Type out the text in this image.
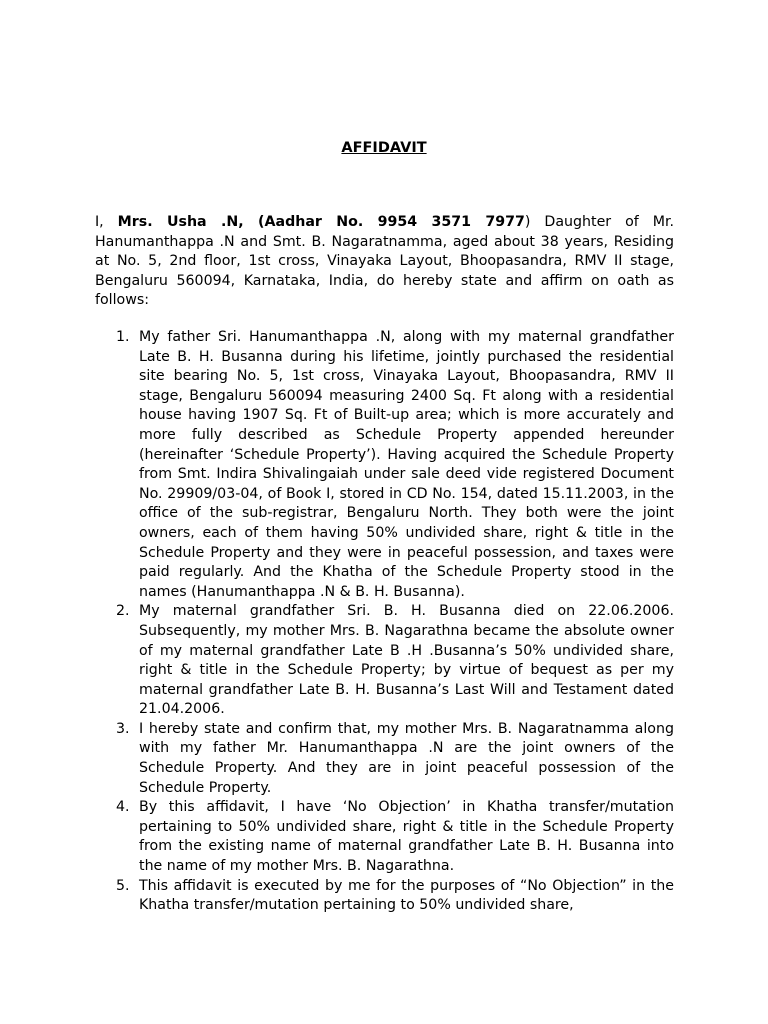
AFFIDAVIT

I, Mrs. Usha .N, (Aadhar No. 9954 3571 7977) Daughter of Mr. Hanumanthappa .N and Smt. B. Nagaratnamma, aged about 38 years, Residing at No. 5, 2nd floor, 1st cross, Vinayaka Layout, Bhoopasandra, RMV II stage, Bengaluru 560094, Karnataka, India, do hereby state and affirm on oath as follows:

1. My father Sri. Hanumanthappa .N, along with my maternal grandfather Late B. H. Busanna during his lifetime, jointly purchased the residential site bearing No. 5, 1st cross, Vinayaka Layout, Bhoopasandra, RMV II stage, Bengaluru 560094 measuring 2400 Sq. Ft along with a residential house having 1907 Sq. Ft of Built-up area; which is more accurately and more fully described as Schedule Property appended hereunder (hereinafter ‘Schedule Property’). Having acquired the Schedule Property from Smt. Indira Shivalingaiah under sale deed vide registered Document No. 29909/03-04, of Book I, stored in CD No. 154, dated 15.11.2003, in the office of the sub-registrar, Bengaluru North. They both were the joint owners, each of them having 50% undivided share, right & title in the Schedule Property and they were in peaceful possession, and taxes were paid regularly. And the Khatha of the Schedule Property stood in the names (Hanumanthappa .N & B. H. Busanna).
2. My maternal grandfather Sri. B. H. Busanna died on 22.06.2006. Subsequently, my mother Mrs. B. Nagarathna became the absolute owner of my maternal grandfather Late B .H .Busanna’s 50% undivided share, right & title in the Schedule Property; by virtue of bequest as per my maternal grandfather Late B. H. Busanna’s Last Will and Testament dated 21.04.2006.
3. I hereby state and confirm that, my mother Mrs. B. Nagaratnamma along with my father Mr. Hanumanthappa .N are the joint owners of the Schedule Property. And they are in joint peaceful possession of the Schedule Property.
4. By this affidavit, I have ‘No Objection’ in Khatha transfer/mutation pertaining to 50% undivided share, right & title in the Schedule Property from the existing name of maternal grandfather Late B. H. Busanna into the name of my mother Mrs. B. Nagarathna.
5. This affidavit is executed by me for the purposes of “No Objection” in the Khatha transfer/mutation pertaining to 50% undivided share,
